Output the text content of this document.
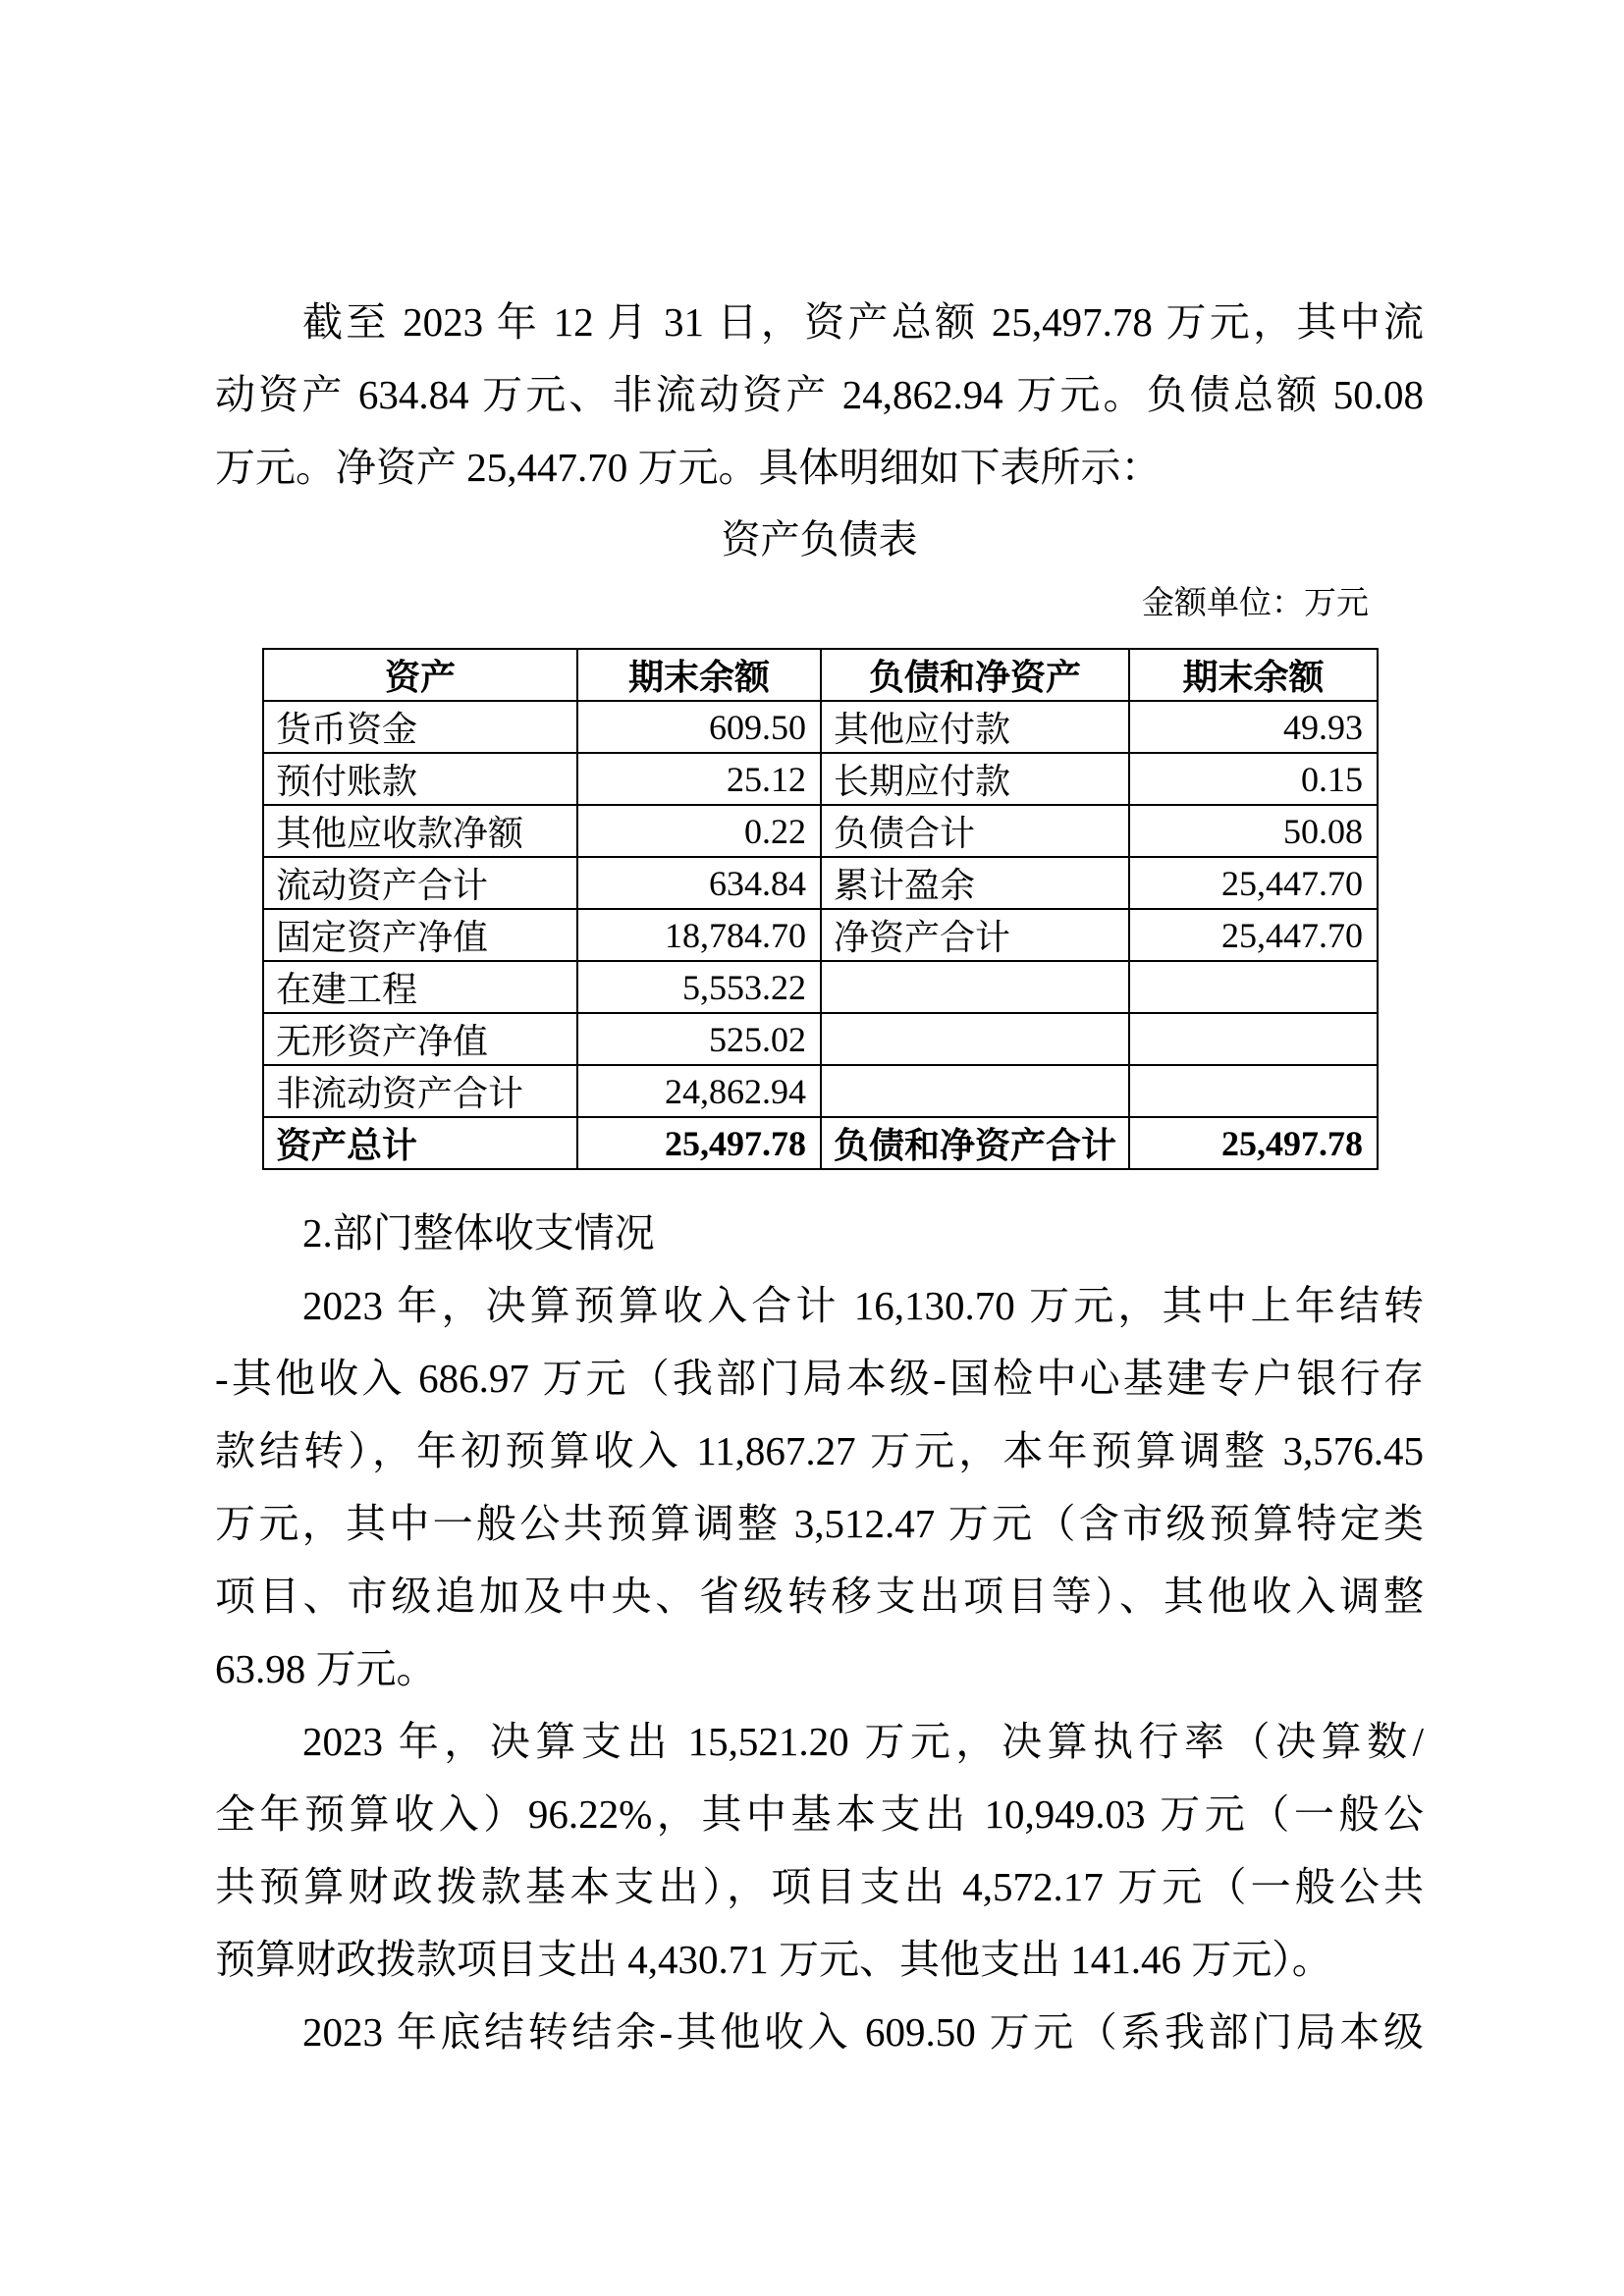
截至 2023 年 12 月 31 日，资产总额 25,497.78 万元，其中流
动资产 634.84 万元、非流动资产 24,862.94 万元。负债总额 50.08
万元。净资产 25,447.70 万元。具体明细如下表所示：
资产负债表
金额单位：万元
资产	期末余额	负债和净资产	期末余额
货币资金	609.50	其他应付款	49.93
预付账款	25.12	长期应付款	0.15
其他应收款净额	0.22	负债合计	50.08
流动资产合计	634.84	累计盈余	25,447.70
固定资产净值	18,784.70	净资产合计	25,447.70
在建工程	5,553.22		
无形资产净值	525.02		
非流动资产合计	24,862.94		
资产总计	25,497.78	负债和净资产合计	25,497.78
2.部门整体收支情况
2023 年，决算预算收入合计 16,130.70 万元，其中上年结转
-其他收入 686.97 万元（我部门局本级-国检中心基建专户银行存
款结转），年初预算收入 11,867.27 万元，本年预算调整 3,576.45
万元，其中一般公共预算调整 3,512.47 万元（含市级预算特定类
项目、市级追加及中央、省级转移支出项目等）、其他收入调整
63.98 万元。
2023 年，决算支出 15,521.20 万元，决算执行率（决算数/
全年预算收入）96.22%，其中基本支出 10,949.03 万元（一般公
共预算财政拨款基本支出），项目支出 4,572.17 万元（一般公共
预算财政拨款项目支出 4,430.71 万元、其他支出 141.46 万元）。
2023 年底结转结余-其他收入 609.50 万元（系我部门局本级
